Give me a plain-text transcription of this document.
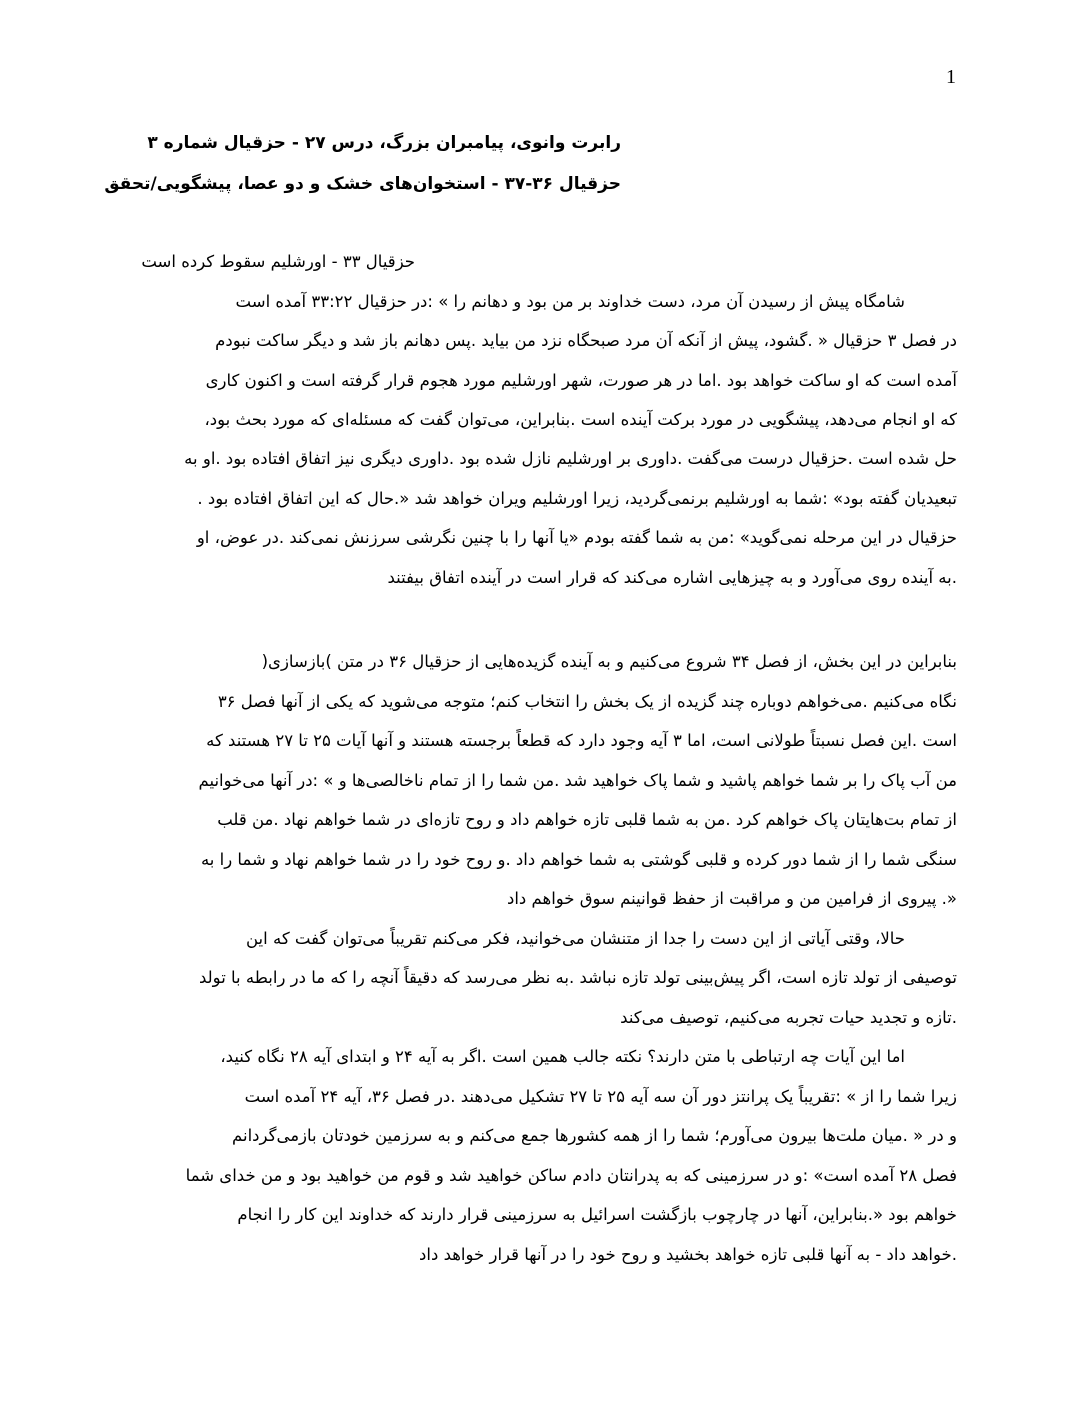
1
رابرت وانوی، پیامبران بزرگ، درس ۲۷ - حزقیال شماره ۳
حزقیال ۳۶-۳۷ - استخوان‌های خشک و دو عصا، پیشگویی/تحقق
حزقیال ۳۳ - اورشلیم سقوط کرده است
شامگاه پیش از رسیدن آن مرد، دست خداوند بر من بود و دهانم را » :در حزقیال ۳۳:۲۲ آمده است
در فصل ۳ حزقیال « .گشود، پیش از آنکه آن مرد صبحگاه نزد من بیاید .پس دهانم باز شد و دیگر ساکت نبودم
آمده است که او ساکت خواهد بود .اما در هر صورت، شهر اورشلیم مورد هجوم قرار گرفته است و اکنون کاری
که او انجام می‌دهد، پیشگویی در مورد برکت آینده است .بنابراین، می‌توان گفت که مسئله‌ای که مورد بحث بود،
حل شده است .حزقیال درست می‌گفت .داوری بر اورشلیم نازل شده بود .داوری دیگری نیز اتفاق افتاده بود .او به
تبعیدیان گفته بود» :شما به اورشلیم برنمی‌گردید، زیرا اورشلیم ویران خواهد شد «.حال که این اتفاق افتاده بود .
حزقیال در این مرحله نمی‌گوید» :من به شما گفته بودم «یا آنها را با چنین نگرشی سرزنش نمی‌کند .در عوض، او
.به آینده روی می‌آورد و به چیزهایی اشاره می‌کند که قرار است در آینده اتفاق بیفتند
بنابراین در این بخش، از فصل ۳۴ شروع می‌کنیم و به آینده گزیده‌هایی از حزقیال ۳۶ در متن )بازسازی(
نگاه می‌کنیم .می‌خواهم دوباره چند گزیده از یک بخش را انتخاب کنم؛ متوجه می‌شوید که یکی از آنها فصل ۳۶
است .این فصل نسبتاً طولانی است، اما ۳ آیه وجود دارد که قطعاً برجسته هستند و آنها آیات ۲۵ تا ۲۷ هستند که
من آب پاک را بر شما خواهم پاشید و شما پاک خواهید شد .من شما را از تمام ناخالصی‌ها و » :در آنها می‌خوانیم
از تمام بت‌هایتان پاک خواهم کرد .من به شما قلبی تازه خواهم داد و روح تازه‌ای در شما خواهم نهاد .من قلب
سنگی شما را از شما دور کرده و قلبی گوشتی به شما خواهم داد .و روح خود را در شما خواهم نهاد و شما را به
«. پیروی از فرامین من و مراقبت از حفظ قوانینم سوق خواهم داد
حالا، وقتی آیاتی از این دست را جدا از متنشان می‌خوانید، فکر می‌کنم تقریباً می‌توان گفت که این
توصیفی از تولد تازه است، اگر پیش‌بینی تولد تازه نباشد .به نظر می‌رسد که دقیقاً آنچه را که ما در رابطه با تولد
.تازه و تجدید حیات تجربه می‌کنیم، توصیف می‌کند
اما این آیات چه ارتباطی با متن دارند؟ نکته جالب همین است .اگر به آیه ۲۴ و ابتدای آیه ۲۸ نگاه کنید،
زیرا شما را از » :تقریباً یک پرانتز دور آن سه آیه ۲۵ تا ۲۷ تشکیل می‌دهند .در فصل ۳۶، آیه ۲۴ آمده است
و در « .میان ملت‌ها بیرون می‌آورم؛ شما را از همه کشورها جمع می‌کنم و به سرزمین خودتان بازمی‌گردانم
فصل ۲۸ آمده است» :و در سرزمینی که به پدرانتان دادم ساکن خواهید شد و قوم من خواهید بود و من خدای شما
خواهم بود «.بنابراین، آنها در چارچوب بازگشت اسرائیل به سرزمینی قرار دارند که خداوند این کار را انجام
.خواهد داد - به آنها قلبی تازه خواهد بخشید و روح خود را در آنها قرار خواهد داد
